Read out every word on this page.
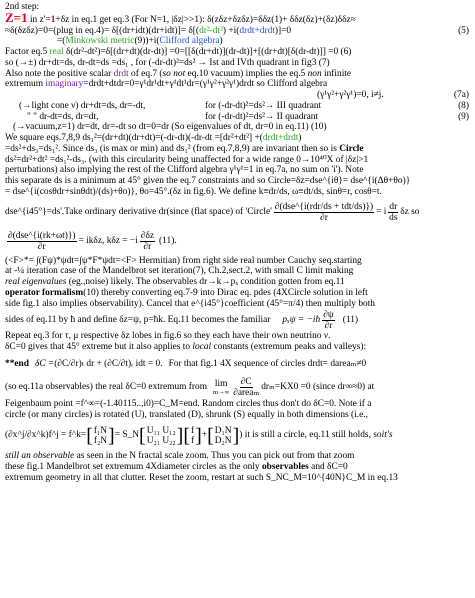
2nd step:
Z=1 in z'=1+δz in eq.1 get eq.3 (For N=1, |δz|>>1): δ(zδz+δzδz)=δδz(1)+ δδz(δz)+(δz)δδz≈
≈δ(δzδz)=0=(plug in eq.4)= δ[(dr+idt)(dr+idt)]= δ[(dr²-dt²) +i(drdt+drdt)]=0	(5)
=(Minkowski metric(9))+i(Clifford algebra)
Factor eq.5 real δ(dr²-dt²)=δ[(dr+dt)(dr-dt)] =0=[[δ(dr+dt)](dr-dt)]+[(dr+dt)[δ(dr-dt)]] =0 (6)
so (→±) dr+dt=ds, dr-dt=ds =ds₁ , for (-dr-dt)²=ds² → Ist and IVth quadrant in fig3 (7)
Also note the positive scalar drdt of eq.7 (so not eq.10 vacuum) implies the eq.5 non infinite
extremum imaginary=drdt+dtdr=0=γ¹dr¹dt+γ¹dt¹dr=(γ¹γ²+γ²γ¹)drdt so Clifford algebra
(γ¹γ²+γ²γ¹)=0, i≠j.	(7a)
(→light cone ν) dr+dt=ds, dr=-dt,	for (-dr-dt)²=ds²→ III quadrant	(8)
" " dr-dt=ds, dr=dt,	for (-dr-dt)²=ds²→ II quadrant	(9)
(→vacuum,z=1) dr=dt, dr=-dt so dt=0=dr (So eigenvalues of dt, dr=0 in eq.11) (10)
We square eqs.7,8,9 ds₁²=(dr+dt)(dr+dt)=(-dr-dt)(-dr-dt =[dr²+dt²] +(drdt+drdt)
=ds²+ds₃=ds₁². Since ds₃ (is max or min) and ds₁² (from eq.7,8,9) are invariant then so is Circle
ds²=dr²+dt² =ds₁²-ds₃. (with this circularity being unaffected for a wide range 0→10⁴⁰X of |δz|>1
perturbations) also implying the rest of the Clifford algebra γ¹γ¹=1 in eq.7a, no sum on 'i'). Note
this separate ds is a minimum at 45° given the eq.7 constraints and so Circle=δz=dse^{iθ}= dse^{i(Δθ+θo)}
= dse^{i(cosθdr+sinθdt)/(ds)+θo)}, θo=45°.(δz in fig.6). We define k≡dr/ds, ω≡dt/ds, sinθ=r, cosθ=t.
dse^{i45°}=ds'.Take ordinary derivative dr(since (flat space) of 'Circle' $\frac{\text{∂(dse\textasciicircum{}\{i(rdr/ds + tdt/ds)\})}}{\partial r} = i \frac{dr}{ds}$ δz so
$\frac{\text{∂(dse\textasciicircum{}\{i(rk+ωt)\})}}{\partial r} = ik\delta z$, $k\delta z = -i \frac{\partial\delta z}{\partial r} (11)$.
(<F>*= ∫(Fψ)*ψdt=∫ψ*F*ψdt=<F> Hermitian) from right side real number Cauchy seq.starting
at -¼ iteration case of the Mandelbrot set iteration(7), Ch.2,sect.2, with small C limit making
real eigenvalues (eg.,noise) likely. The observables dr→k→pₓ condition gotten from eq.11
operator formalism(10) thereby converting eq.7-9 into Dirac eq. pdes (4XCircle solution in left
side fig.1 also implies observability). Cancel that e^{i45°}coefficient (45°=π/4) then multiply both
sides of eq.11 by ħ and define δz=ψ, p=ħk. Eq.11 becomes the familiar pₓψ = −iħ $\frac{\partial\psi}{\partial r} (11)$
Repeat eq.3 for τ, μ respective δz lobes in fig.6 so they each have their own neutrino ν.
δC=0 gives that 45° extreme but it also applies to local constants (extremum peaks and valleys):
**end δC = (∂C/∂r)ₜ dr + (∂C/∂t)ᵣ idt = 0. For that fig.1 4X sequence of circles drdt= dareaₘ≠0
(so eq.11a observables) the real δC=0 extremum from lim
$m\to\infty \frac{\partial C}{\text{∂areaₘ}} dr_m=KX0 =0$ (since dr∞≈0) at
Feigenbaum point =f^∞=(-1.40115..,i0)=C_M=end. Random circles thus don't do δC=0. Note if a
circle (or many circles) is rotated (U), translated (D), shrunk (S) equally in both dimensions (i.e.,
(∂x^j/∂x^k)f^j = f^k= [ f₁N
f₂N ] = S_N [ U₁₁ U₁₂
U₂₁ U₂₂ ] [ f
f ] + [ D₁N
D₂N ] ) it is still a circle, eq.11 still holds, so it's
still an observable as seen in the N fractal scale zoom. Thus you can pick out from that zoom
these fig.1 Mandelbrot set extremum 4Xdiameter circles as the only observables and δC=0
extremum geometry in all that clutter. Reset the zoom, restart at such S_NC_M=10^{40N}C_M in eq.13
